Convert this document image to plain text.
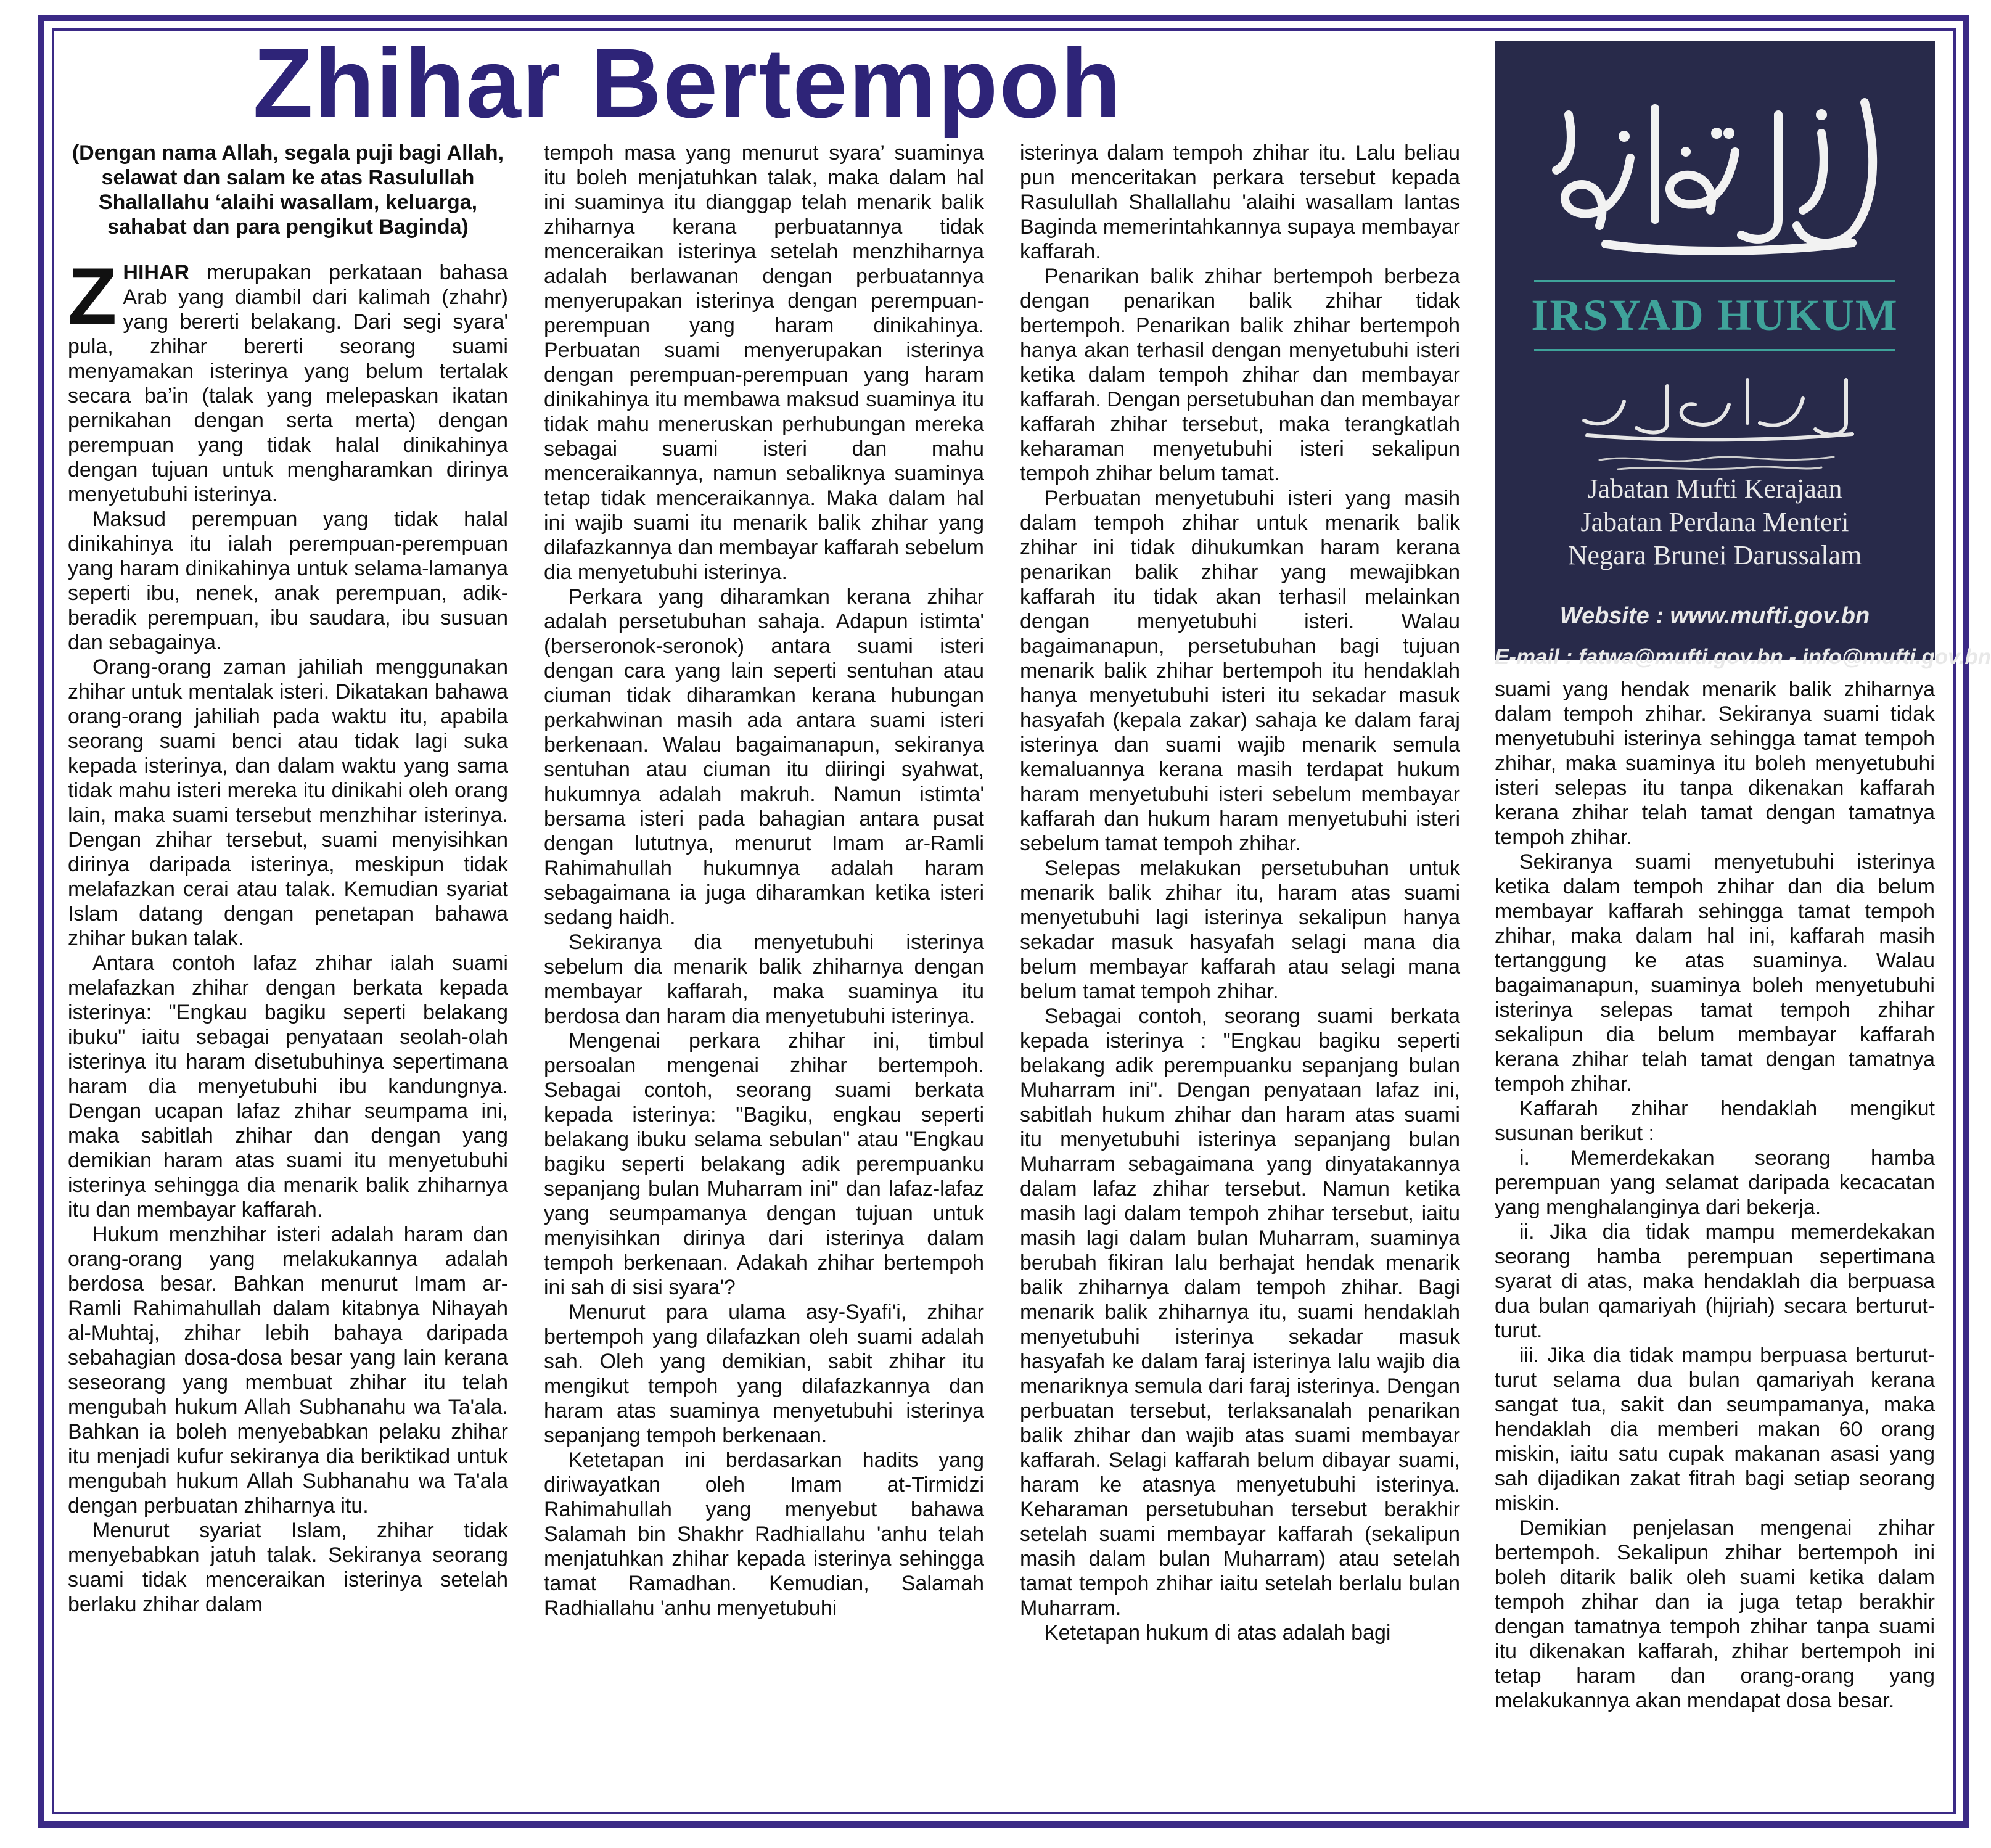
Zhihar Bertempoh

(Dengan nama Allah, segala puji bagi Allah, selawat dan salam ke atas Rasulullah Shallallahu ‘alaihi wasallam, keluarga, sahabat dan para pengikut Baginda)

ZHIHAR merupakan perkataan bahasa Arab yang diambil dari kalimah (zhahr) yang bererti belakang. Dari segi syara' pula, zhihar bererti seorang suami menyamakan isterinya yang belum tertalak secara ba’in (talak yang melepaskan ikatan pernikahan dengan serta merta) dengan perempuan yang tidak halal dinikahinya dengan tujuan untuk mengharamkan dirinya menyetubuhi isterinya.

Maksud perempuan yang tidak halal dinikahinya itu ialah perempuan-perempuan yang haram dinikahinya untuk selama-lamanya seperti ibu, nenek, anak perempuan, adik-beradik perempuan, ibu saudara, ibu susuan dan sebagainya.

Orang-orang zaman jahiliah menggunakan zhihar untuk mentalak isteri. Dikatakan bahawa orang-orang jahiliah pada waktu itu, apabila seorang suami benci atau tidak lagi suka kepada isterinya, dan dalam waktu yang sama tidak mahu isteri mereka itu dinikahi oleh orang lain, maka suami tersebut menzhihar isterinya. Dengan zhihar tersebut, suami menyisihkan dirinya daripada isterinya, meskipun tidak melafazkan cerai atau talak. Kemudian syariat Islam datang dengan penetapan bahawa zhihar bukan talak.

Antara contoh lafaz zhihar ialah suami melafazkan zhihar dengan berkata kepada isterinya: "Engkau bagiku seperti belakang ibuku" iaitu sebagai penyataan seolah-olah isterinya itu haram disetubuhinya sepertimana haram dia menyetubuhi ibu kandungnya. Dengan ucapan lafaz zhihar seumpama ini, maka sabitlah zhihar dan dengan yang demikian haram atas suami itu menyetubuhi isterinya sehingga dia menarik balik zhiharnya itu dan membayar kaffarah.

Hukum menzhihar isteri adalah haram dan orang-orang yang melakukannya adalah berdosa besar. Bahkan menurut Imam ar-Ramli Rahimahullah dalam kitabnya Nihayah al-Muhtaj, zhihar lebih bahaya daripada sebahagian dosa-dosa besar yang lain kerana seseorang yang membuat zhihar itu telah mengubah hukum Allah Subhanahu wa Ta'ala. Bahkan ia boleh menyebabkan pelaku zhihar itu menjadi kufur sekiranya dia beriktikad untuk mengubah hukum Allah Subhanahu wa Ta'ala dengan perbuatan zhiharnya itu.

Menurut syariat Islam, zhihar tidak menyebabkan jatuh talak. Sekiranya seorang suami tidak menceraikan isterinya setelah berlaku zhihar dalam

tempoh masa yang menurut syara’ suaminya itu boleh menjatuhkan talak, maka dalam hal ini suaminya itu dianggap telah menarik balik zhiharnya kerana perbuatannya tidak menceraikan isterinya setelah menzhiharnya adalah berlawanan dengan perbuatannya menyerupakan isterinya dengan perempuan-perempuan yang haram dinikahinya. Perbuatan suami menyerupakan isterinya dengan perempuan-perempuan yang haram dinikahinya itu membawa maksud suaminya itu tidak mahu meneruskan perhubungan mereka sebagai suami isteri dan mahu menceraikannya, namun sebaliknya suaminya tetap tidak menceraikannya. Maka dalam hal ini wajib suami itu menarik balik zhihar yang dilafazkannya dan membayar kaffarah sebelum dia menyetubuhi isterinya.

Perkara yang diharamkan kerana zhihar adalah persetubuhan sahaja. Adapun istimta' (berseronok-seronok) antara suami isteri dengan cara yang lain seperti sentuhan atau ciuman tidak diharamkan kerana hubungan perkahwinan masih ada antara suami isteri berkenaan. Walau bagaimanapun, sekiranya sentuhan atau ciuman itu diiringi syahwat, hukumnya adalah makruh. Namun istimta' bersama isteri pada bahagian antara pusat dengan lututnya, menurut Imam ar-Ramli Rahimahullah hukumnya adalah haram sebagaimana ia juga diharamkan ketika isteri sedang haidh.

Sekiranya dia menyetubuhi isterinya sebelum dia menarik balik zhiharnya dengan membayar kaffarah, maka suaminya itu berdosa dan haram dia menyetubuhi isterinya.

Mengenai perkara zhihar ini, timbul persoalan mengenai zhihar bertempoh. Sebagai contoh, seorang suami berkata kepada isterinya: "Bagiku, engkau seperti belakang ibuku selama sebulan" atau "Engkau bagiku seperti belakang adik perempuanku sepanjang bulan Muharram ini" dan lafaz-lafaz yang seumpamanya dengan tujuan untuk menyisihkan dirinya dari isterinya dalam tempoh berkenaan. Adakah zhihar bertempoh ini sah di sisi syara'?

Menurut para ulama asy-Syafi'i, zhihar bertempoh yang dilafazkan oleh suami adalah sah. Oleh yang demikian, sabit zhihar itu mengikut tempoh yang dilafazkannya dan haram atas suaminya menyetubuhi isterinya sepanjang tempoh berkenaan.

Ketetapan ini berdasarkan hadits yang diriwayatkan oleh Imam at-Tirmidzi Rahimahullah yang menyebut bahawa Salamah bin Shakhr Radhiallahu 'anhu telah menjatuhkan zhihar kepada isterinya sehingga tamat Ramadhan. Kemudian, Salamah Radhiallahu 'anhu menyetubuhi

isterinya dalam tempoh zhihar itu. Lalu beliau pun menceritakan perkara tersebut kepada Rasulullah Shallallahu 'alaihi wasallam lantas Baginda memerintahkannya supaya membayar kaffarah.

Penarikan balik zhihar bertempoh berbeza dengan penarikan balik zhihar tidak bertempoh. Penarikan balik zhihar bertempoh hanya akan terhasil dengan menyetubuhi isteri ketika dalam tempoh zhihar dan membayar kaffarah. Dengan persetubuhan dan membayar kaffarah zhihar tersebut, maka terangkatlah keharaman menyetubuhi isteri sekalipun tempoh zhihar belum tamat.

Perbuatan menyetubuhi isteri yang masih dalam tempoh zhihar untuk menarik balik zhihar ini tidak dihukumkan haram kerana penarikan balik zhihar yang mewajibkan kaffarah itu tidak akan terhasil melainkan dengan menyetubuhi isteri. Walau bagaimanapun, persetubuhan bagi tujuan menarik balik zhihar bertempoh itu hendaklah hanya menyetubuhi isteri itu sekadar masuk hasyafah (kepala zakar) sahaja ke dalam faraj isterinya dan suami wajib menarik semula kemaluannya kerana masih terdapat hukum haram menyetubuhi isteri sebelum membayar kaffarah dan hukum haram menyetubuhi isteri sebelum tamat tempoh zhihar.

Selepas melakukan persetubuhan untuk menarik balik zhihar itu, haram atas suami menyetubuhi lagi isterinya sekalipun hanya sekadar masuk hasyafah selagi mana dia belum membayar kaffarah atau selagi mana belum tamat tempoh zhihar.

Sebagai contoh, seorang suami berkata kepada isterinya : "Engkau bagiku seperti belakang adik perempuanku sepanjang bulan Muharram ini". Dengan penyataan lafaz ini, sabitlah hukum zhihar dan haram atas suami itu menyetubuhi isterinya sepanjang bulan Muharram sebagaimana yang dinyatakannya dalam lafaz zhihar tersebut. Namun ketika masih lagi dalam tempoh zhihar tersebut, iaitu masih lagi dalam bulan Muharram, suaminya berubah fikiran lalu berhajat hendak menarik balik zhiharnya dalam tempoh zhihar. Bagi menarik balik zhiharnya itu, suami hendaklah menyetubuhi isterinya sekadar masuk hasyafah ke dalam faraj isterinya lalu wajib dia menariknya semula dari faraj isterinya. Dengan perbuatan tersebut, terlaksanalah penarikan balik zhihar dan wajib atas suami membayar kaffarah. Selagi kaffarah belum dibayar suami, haram ke atasnya menyetubuhi isterinya. Keharaman persetubuhan tersebut berakhir setelah suami membayar kaffarah (sekalipun masih dalam bulan Muharram) atau setelah tamat tempoh zhihar iaitu setelah berlalu bulan Muharram.

Ketetapan hukum di atas adalah bagi

IRSYAD HUKUM
Jabatan Mufti Kerajaan
Jabatan Perdana Menteri
Negara Brunei Darussalam
Website : www.mufti.gov.bn
E-mail : fatwa@mufti.gov.bn - info@mufti.gov.bn

suami yang hendak menarik balik zhiharnya dalam tempoh zhihar. Sekiranya suami tidak menyetubuhi isterinya sehingga tamat tempoh zhihar, maka suaminya itu boleh menyetubuhi isteri selepas itu tanpa dikenakan kaffarah kerana zhihar telah tamat dengan tamatnya tempoh zhihar.

Sekiranya suami menyetubuhi isterinya ketika dalam tempoh zhihar dan dia belum membayar kaffarah sehingga tamat tempoh zhihar, maka dalam hal ini, kaffarah masih tertanggung ke atas suaminya. Walau bagaimanapun, suaminya boleh menyetubuhi isterinya selepas tamat tempoh zhihar sekalipun dia belum membayar kaffarah kerana zhihar telah tamat dengan tamatnya tempoh zhihar.

Kaffarah zhihar hendaklah mengikut susunan berikut :

i. Memerdekakan seorang hamba perempuan yang selamat daripada kecacatan yang menghalanginya dari bekerja.

ii. Jika dia tidak mampu memerdekakan seorang hamba perempuan sepertimana syarat di atas, maka hendaklah dia berpuasa dua bulan qamariyah (hijriah) secara berturut-turut.

iii. Jika dia tidak mampu berpuasa berturut-turut selama dua bulan qamariyah kerana sangat tua, sakit dan seumpamanya, maka hendaklah dia memberi makan 60 orang miskin, iaitu satu cupak makanan asasi yang sah dijadikan zakat fitrah bagi setiap seorang miskin.

Demikian penjelasan mengenai zhihar bertempoh. Sekalipun zhihar bertempoh ini boleh ditarik balik oleh suami ketika dalam tempoh zhihar dan ia juga tetap berakhir dengan tamatnya tempoh zhihar tanpa suami itu dikenakan kaffarah, zhihar bertempoh ini tetap haram dan orang-orang yang melakukannya akan mendapat dosa besar.
